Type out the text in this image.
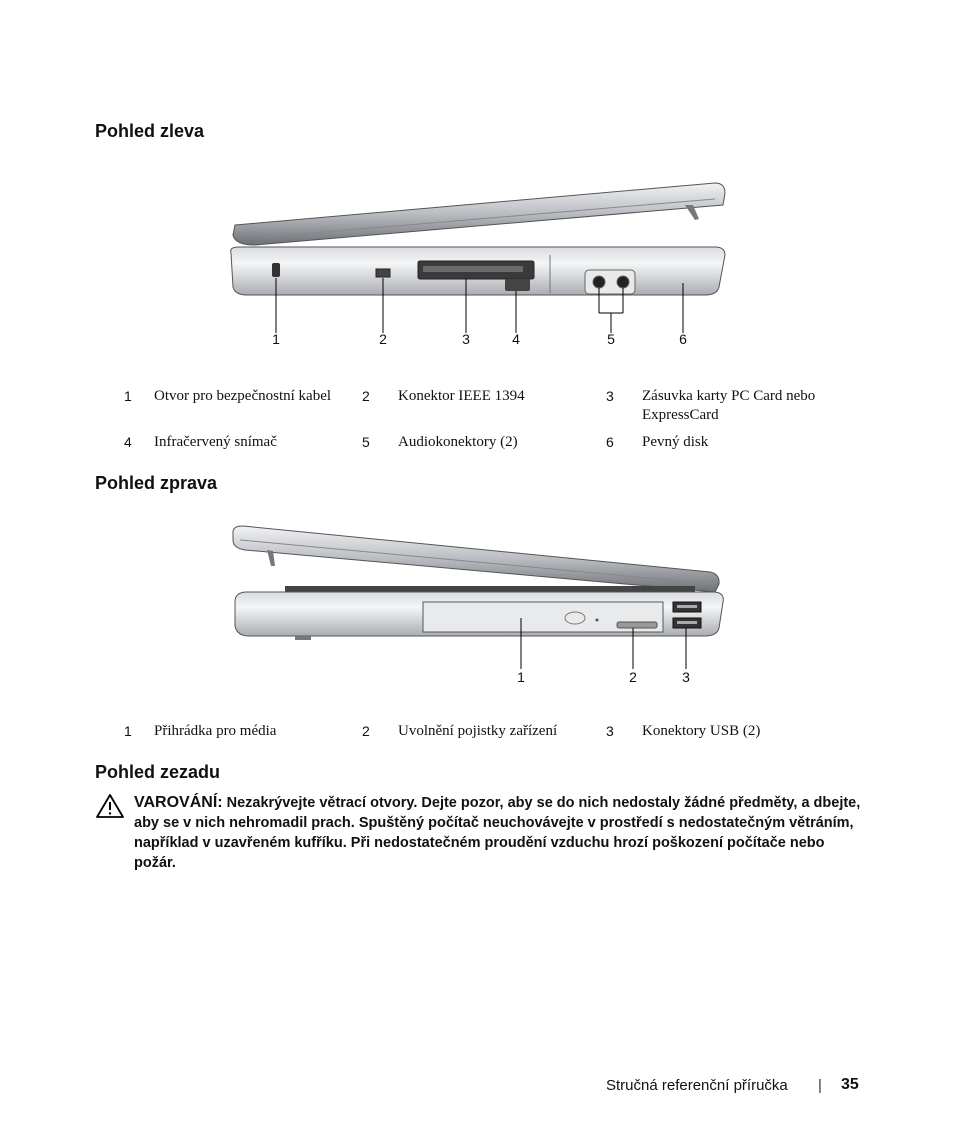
Pohled zleva
1	2	3	4	5	6
1 Otvor pro bezpečnostní kabel	2 Konektor IEEE 1394	3 Zásuvka karty PC Card nebo ExpressCard
4 Infračervený snímač	5 Audiokonektory (2)	6 Pevný disk
Pohled zprava
1	2	3
1 Přihrádka pro média	2 Uvolnění pojistky zařízení	3 Konektory USB (2)
Pohled zezadu
VAROVÁNÍ: Nezakrývejte větrací otvory. Dejte pozor, aby se do nich nedostaly žádné předměty, a dbejte, aby se v nich nehromadil prach. Spuštěný počítač neuchovávejte v prostředí s nedostatečným větráním, například v uzavřeném kufříku. Při nedostatečném proudění vzduchu hrozí poškození počítače nebo požár.
Stručná referenční příručka | 35
